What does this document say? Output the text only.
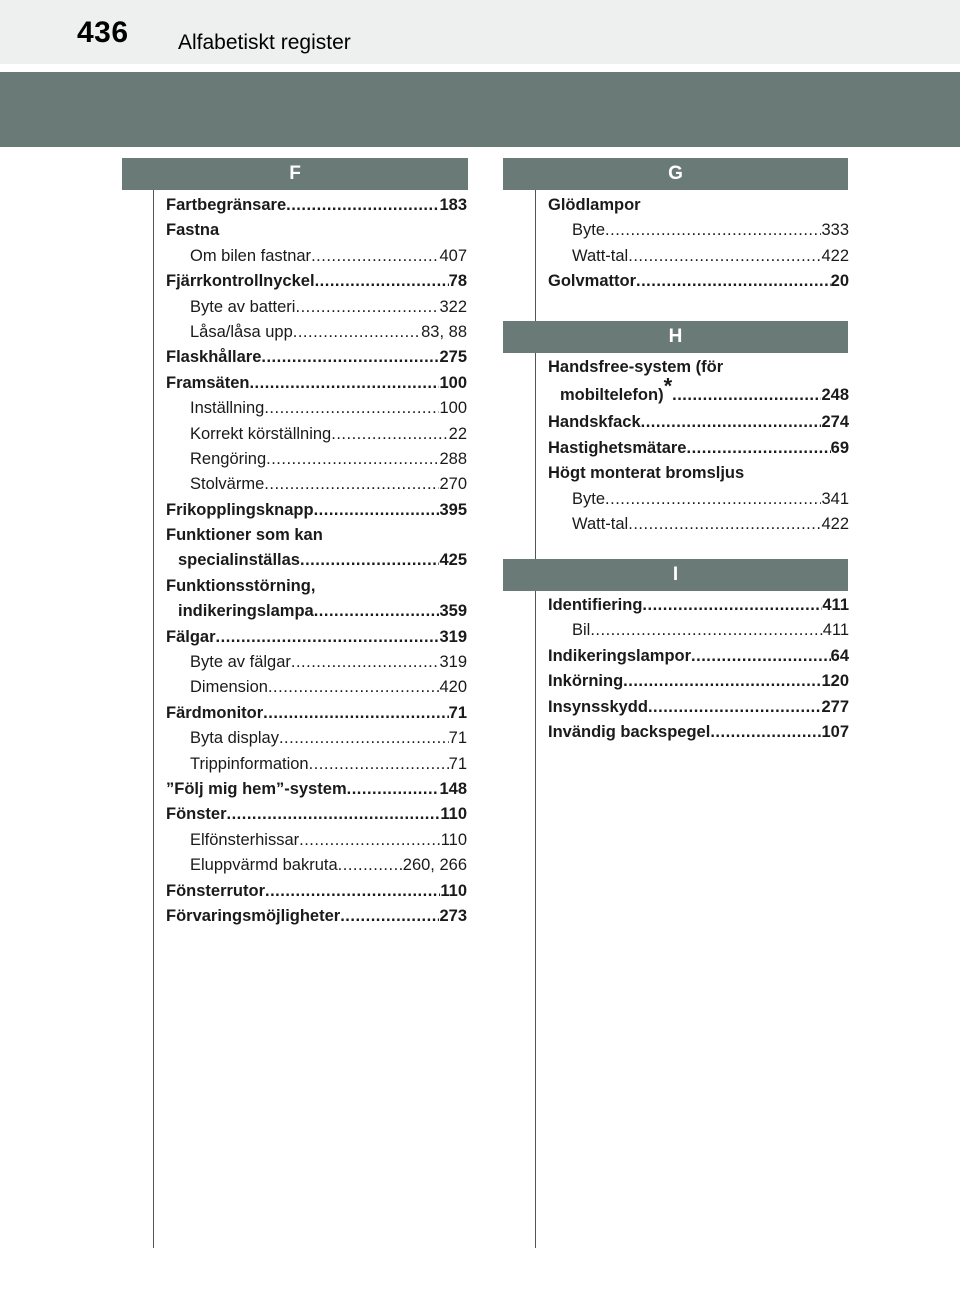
436 Alfabetiskt register
F
Fartbegränsare .....	183
Fastna
Om bilen fastnar .....	407
Fjärrkontrollnyckel .....	78
Byte av batteri .....	322
Låsa/låsa upp .....	83, 88
Flaskhållare .....	275
Framsäten .....	100
Inställning .....	100
Korrekt körställning .....	22
Rengöring .....	288
Stolvärme .....	270
Frikopplingsknapp .....	395
Funktioner som kan
specialinställas .....	425
Funktionsstörning,
indikeringslampa .....	359
Fälgar .....	319
Byte av fälgar .....	319
Dimension .....	420
Färdmonitor .....	71
Byta display .....	71
Trippinformation .....	71
”Följ mig hem”-system .....	148
Fönster .....	110
Elfönsterhissar .....	110
Eluppvärmd bakruta .....	260, 266
Fönsterrutor .....	110
Förvaringsmöjligheter .....	273
G
Glödlampor
Byte .....	333
Watt-tal .....	422
Golvmattor .....	20
H
Handsfree-system (för
mobiltelefon)* .....	248
Handskfack .....	274
Hastighetsmätare .....	69
Högt monterat bromsljus
Byte .....	341
Watt-tal .....	422
I
Identifiering .....	411
Bil .....	411
Indikeringslampor .....	64
Inkörning .....	120
Insynsskydd .....	277
Invändig backspegel .....	107
